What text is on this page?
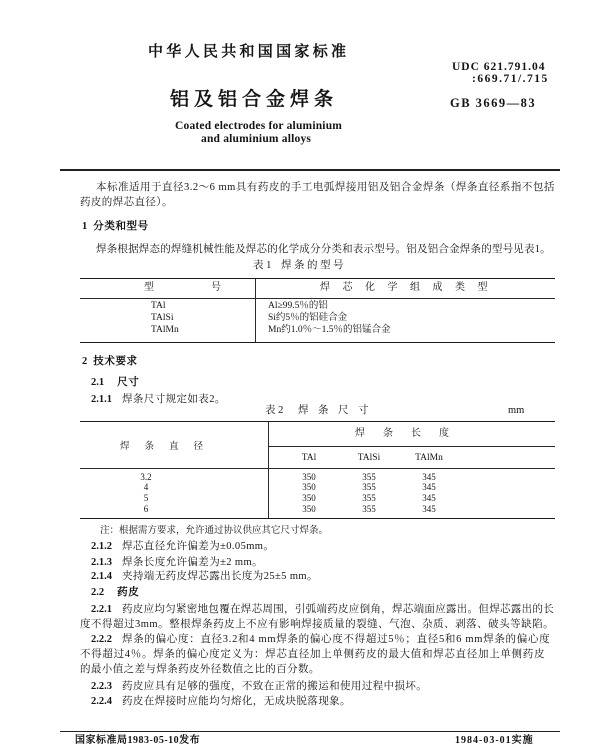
中华人民共和国国家标准
UDC 621.791.04
:669.71/.715
铝及铝合金焊条	GB 3669—83
Coated electrodes for aluminium
and aluminium alloys
本标准适用于直径3.2～6 mm具有药皮的手工电弧焊接用铝及铝合金焊条（焊条直径系指不包括
药皮的焊芯直径）。
1 分类和型号
焊条根据焊态的焊缝机械性能及焊芯的化学成分分类和表示型号。铝及铝合金焊条的型号见表1。
表 1 焊条的型号
型号	焊芯化学组成类型
TAl	Al≥99.5％的铝
TAlSi	Si约5％的铝硅合金
TAlMn	Mn约1.0％～1.5％的铝锰合金
2 技术要求
2.1 尺寸
2.1.1 焊条尺寸规定如表2。
表 2 焊条尺寸	mm
焊条直径
焊条长度
TAl	TAlSi	TAlMn
3.2	350	355	345
4	350	355	345
5	350	355	345
6	350	355	345
注：根据需方要求，允许通过协议供应其它尺寸焊条。
2.1.2 焊芯直径允许偏差为±0.05mm。
2.1.3 焊条长度允许偏差为±2 mm。
2.1.4 夹持端无药皮焊芯露出长度为25±5 mm。
2.2 药皮
2.2.1 药皮应均匀紧密地包覆在焊芯周围，引弧端药皮应倒角，焊芯端面应露出。但焊芯露出的长
度不得超过3mm。整根焊条药皮上不应有影响焊接质量的裂缝、气泡、杂质、剥落、破头等缺陷。
2.2.2 焊条的偏心度：直径3.2和4 mm焊条的偏心度不得超过5％；直径5和6 mm焊条的偏心度
不得超过4％。焊条的偏心度定义为：焊芯直径加上单侧药皮的最大值和焊芯直径加上单侧药皮
的最小值之差与焊条药皮外径数值之比的百分数。
2.2.3 药皮应具有足够的强度，不致在正常的搬运和使用过程中损坏。
2.2.4 药皮在焊接时应能均匀熔化，无成块脱落现象。
国家标准局1983-05-10发布	1984-03-01实施
